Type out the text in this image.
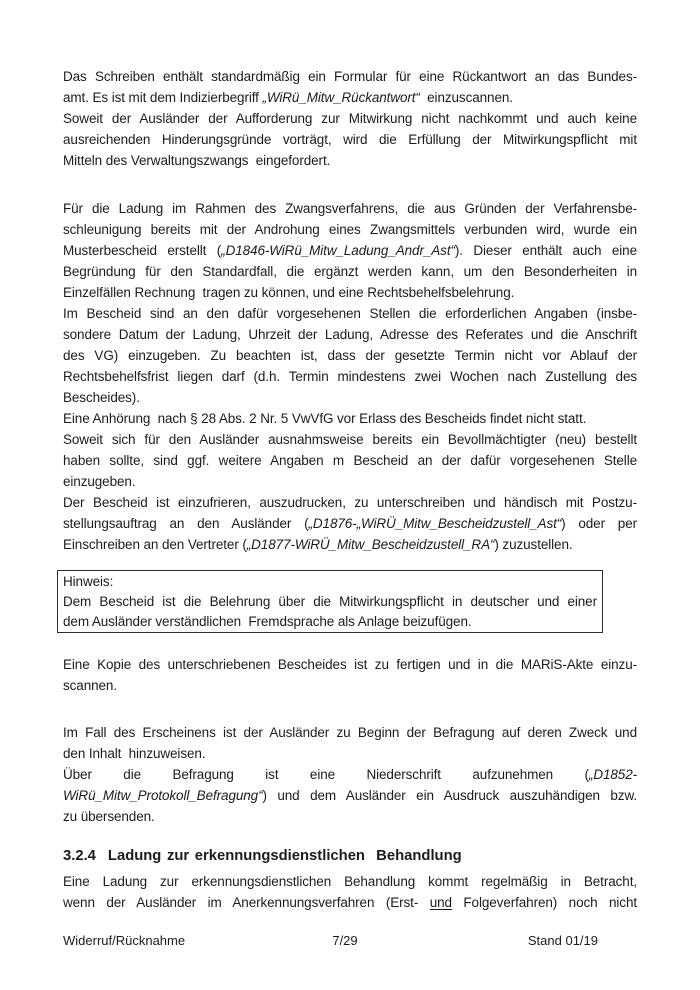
Das Schreiben enthält standardmäßig ein Formular für eine Rückantwort an das Bundes-
amt. Es ist mit dem Indizierbegriff „WiRü_Mitw_Rückantwort“  einzuscannen.
Soweit der Ausländer der Aufforderung zur Mitwirkung nicht nachkommt und auch keine
ausreichenden Hinderungsgründe vorträgt, wird die Erfüllung der Mitwirkungspflicht mit
Mitteln des Verwaltungszwangs  eingefordert.
Für die Ladung im Rahmen des Zwangsverfahrens, die aus Gründen der Verfahrensbe-
schleunigung bereits mit der Androhung eines Zwangsmittels verbunden wird, wurde ein
Musterbescheid erstellt („D1846-WiRü_Mitw_Ladung_Andr_Ast“). Dieser enthält auch eine
Begründung für den Standardfall, die ergänzt werden kann, um den Besonderheiten in
Einzelfällen Rechnung  tragen zu können, und eine Rechtsbehelfsbelehrung.
Im Bescheid sind an den dafür vorgesehenen Stellen die erforderlichen Angaben (insbe-
sondere Datum der Ladung, Uhrzeit der Ladung, Adresse des Referates und die Anschrift
des VG) einzugeben. Zu beachten ist, dass der gesetzte Termin nicht vor Ablauf der
Rechtsbehelfsfrist liegen darf (d.h. Termin mindestens zwei Wochen nach Zustellung des
Bescheides).
Eine Anhörung  nach § 28 Abs. 2 Nr. 5 VwVfG vor Erlass des Bescheids findet nicht statt.
Soweit sich für den Ausländer ausnahmsweise bereits ein Bevollmächtigter (neu) bestellt
haben sollte, sind ggf. weitere Angaben m Bescheid an der dafür vorgesehenen Stelle
einzugeben.
Der Bescheid ist einzufrieren, auszudrucken, zu unterschreiben und händisch mit Postzu-
stellungsauftrag an den Ausländer („D1876-„WiRÜ_Mitw_Bescheidzustell_Ast“) oder per
Einschreiben an den Vertreter („D1877-WiRÜ_Mitw_Bescheidzustell_RA“) zuzustellen.
Hinweis:
Dem Bescheid ist die Belehrung über die Mitwirkungspflicht in deutscher und einer
dem Ausländer verständlichen  Fremdsprache als Anlage beizufügen.
Eine Kopie des unterschriebenen Bescheides ist zu fertigen und in die MARiS-Akte einzu-
scannen.
Im Fall des Erscheinens ist der Ausländer zu Beginn der Befragung auf deren Zweck und
den Inhalt  hinzuweisen.
Über die Befragung ist eine Niederschrift aufzunehmen („D1852-
WiRü_Mitw_Protokoll_Befragung“) und dem Ausländer ein Ausdruck auszuhändigen bzw.
zu übersenden.
3.2.4 Ladung zur erkennungsdienstlichen  Behandlung
Eine Ladung zur erkennungsdienstlichen Behandlung kommt regelmäßig in Betracht,
wenn der Ausländer im Anerkennungsverfahren (Erst- und Folgeverfahren) noch nicht
Widerruf/Rücknahme	7/29	Stand 01/19
